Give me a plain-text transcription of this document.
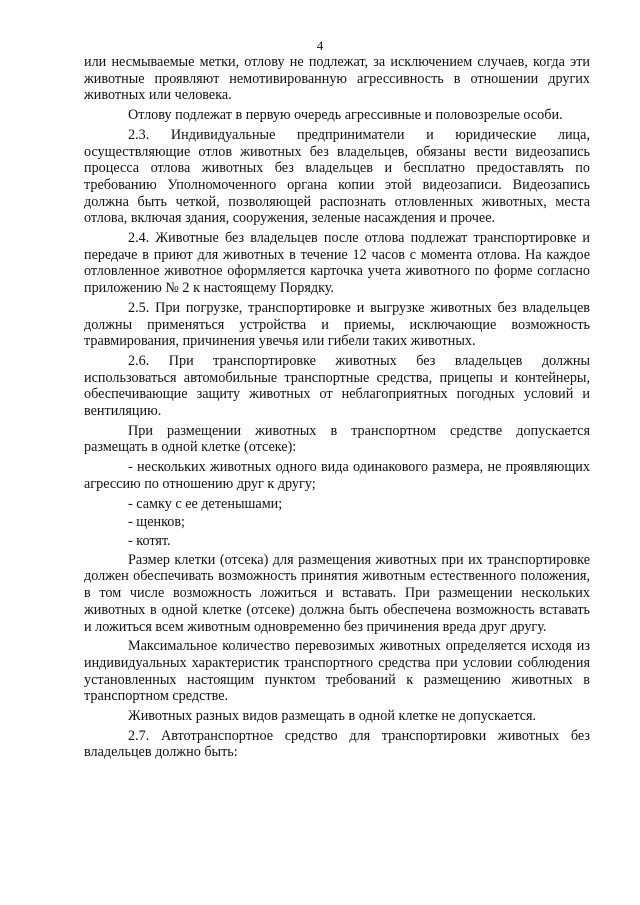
4

или несмываемые метки, отлову не подлежат, за исключением случаев, когда эти животные проявляют немотивированную агрессивность в отношении других животных или человека.

Отлову подлежат в первую очередь агрессивные и половозрелые особи.

2.3. Индивидуальные предприниматели и юридические лица, осуществляющие отлов животных без владельцев, обязаны вести видеозапись процесса отлова животных без владельцев и бесплатно предоставлять по требованию Уполномоченного органа копии этой видеозаписи. Видеозапись должна быть четкой, позволяющей распознать отловленных животных, места отлова, включая здания, сооружения, зеленые насаждения и прочее.

2.4. Животные без владельцев после отлова подлежат транспортировке и передаче в приют для животных в течение 12 часов с момента отлова. На каждое отловленное животное оформляется карточка учета животного по форме согласно приложению № 2 к настоящему Порядку.

2.5. При погрузке, транспортировке и выгрузке животных без владельцев должны применяться устройства и приемы, исключающие возможность травмирования, причинения увечья или гибели таких животных.

2.6. При транспортировке животных без владельцев должны использоваться автомобильные транспортные средства, прицепы и контейнеры, обеспечивающие защиту животных от неблагоприятных погодных условий и вентиляцию.

При размещении животных в транспортном средстве допускается размещать в одной клетке (отсеке):

- нескольких животных одного вида одинакового размера, не проявляющих агрессию по отношению друг к другу;

- самку с ее детенышами;

- щенков;

- котят.

Размер клетки (отсека) для размещения животных при их транспортировке должен обеспечивать возможность принятия животным естественного положения, в том числе возможность ложиться и вставать. При размещении нескольких животных в одной клетке (отсеке) должна быть обеспечена возможность вставать и ложиться всем животным одновременно без причинения вреда друг другу.

Максимальное количество перевозимых животных определяется исходя из индивидуальных характеристик транспортного средства при условии соблюдения установленных настоящим пунктом требований к размещению животных в транспортном средстве.

Животных разных видов размещать в одной клетке не допускается.

2.7. Автотранспортное средство для транспортировки животных без владельцев должно быть:
